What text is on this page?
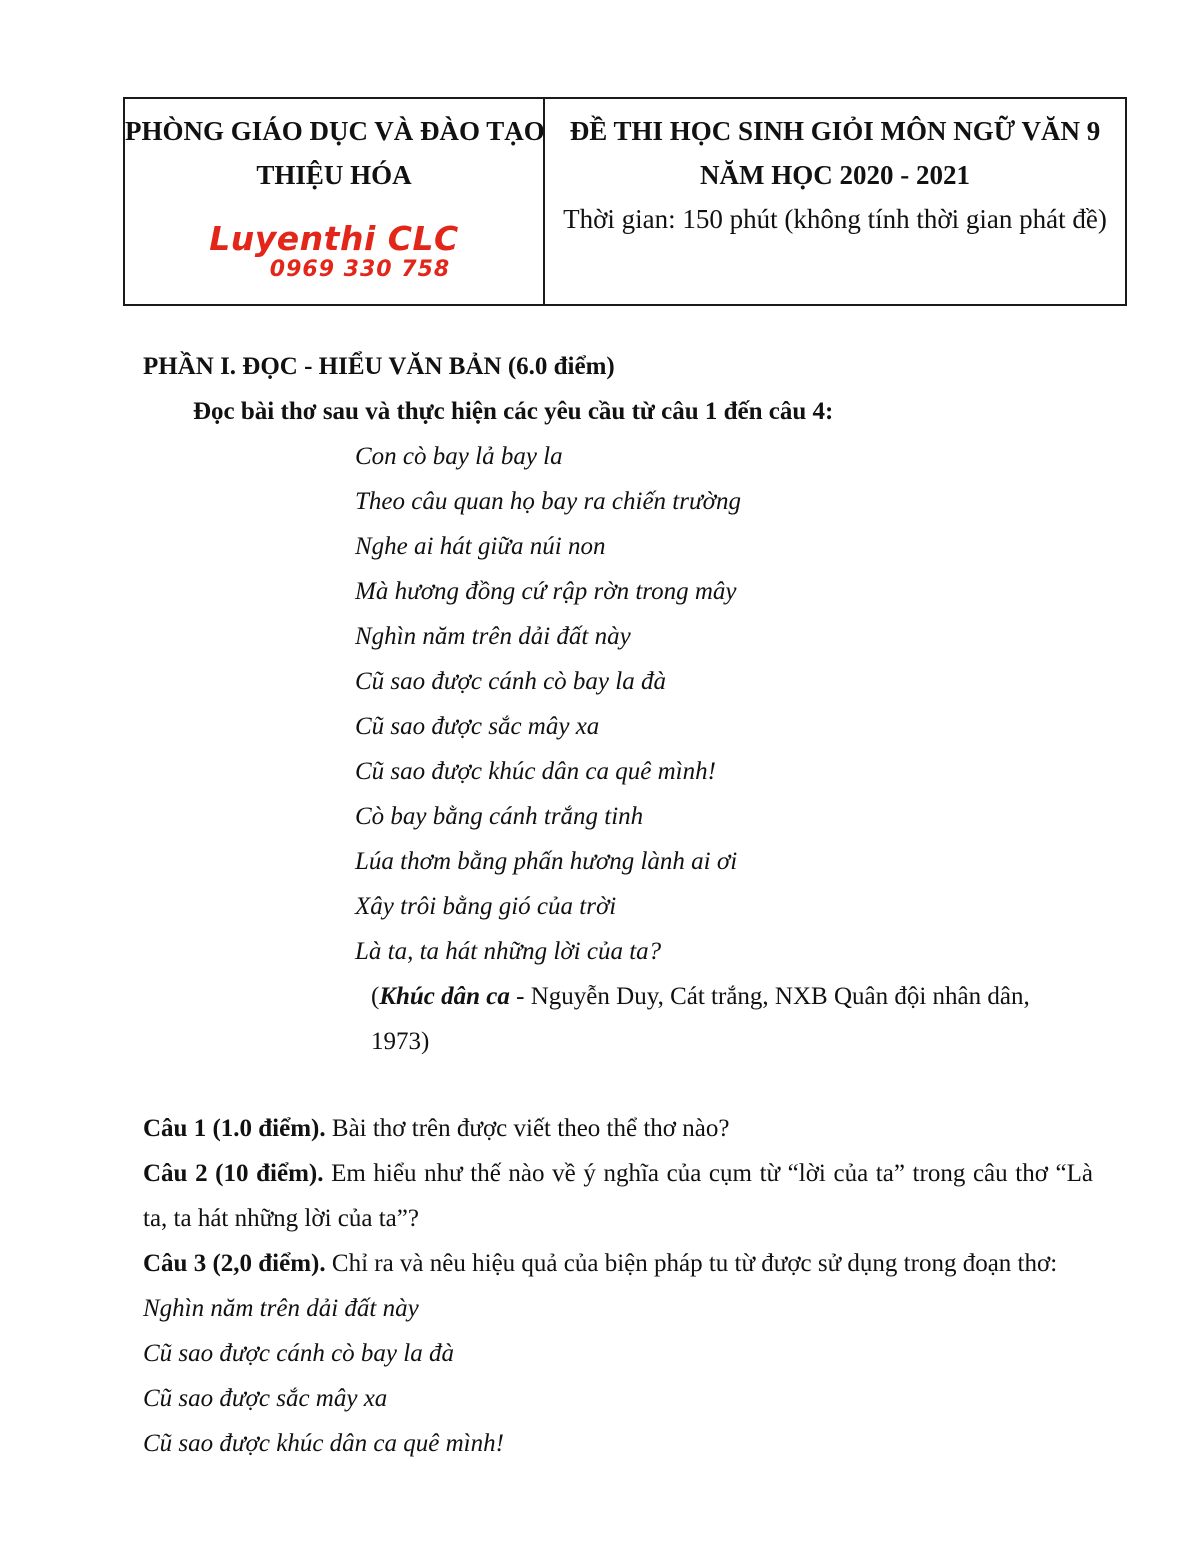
PHÒNG GIÁO DỤC VÀ ĐÀO TẠO
THIỆU HÓA
Luyenthi CLC
0969 330 758
ĐỀ THI HỌC SINH GIỎI MÔN NGỮ VĂN 9
NĂM HỌC 2020 - 2021
Thời gian: 150 phút (không tính thời gian phát đề)
PHẦN I. ĐỌC - HIỂU VĂN BẢN (6.0 điểm)
Đọc bài thơ sau và thực hiện các yêu cầu từ câu 1 đến câu 4:
Con cò bay lả bay la
Theo câu quan họ bay ra chiến trường
Nghe ai hát giữa núi non
Mà hương đồng cứ rập rờn trong mây
Nghìn năm trên dải đất này
Cũ sao được cánh cò bay la đà
Cũ sao được sắc mây xa
Cũ sao được khúc dân ca quê mình!
Cò bay bằng cánh trắng tinh
Lúa thơm bằng phấn hương lành ai ơi
Xây trôi bằng gió của trời
Là ta, ta hát những lời của ta?
(Khúc dân ca - Nguyễn Duy, Cát trắng, NXB Quân đội nhân dân, 1973)

Câu 1 (1.0 điểm). Bài thơ trên được viết theo thể thơ nào?

Câu 2 (10 điểm). Em hiểu như thế nào về ý nghĩa của cụm từ “lời của ta” trong câu thơ “Là ta, ta hát những lời của ta”?

Câu 3 (2,0 điểm). Chỉ ra và nêu hiệu quả của biện pháp tu từ được sử dụng trong đoạn thơ:

Nghìn năm trên dải đất này
Cũ sao được cánh cò bay la đà
Cũ sao được sắc mây xa
Cũ sao được khúc dân ca quê mình!
